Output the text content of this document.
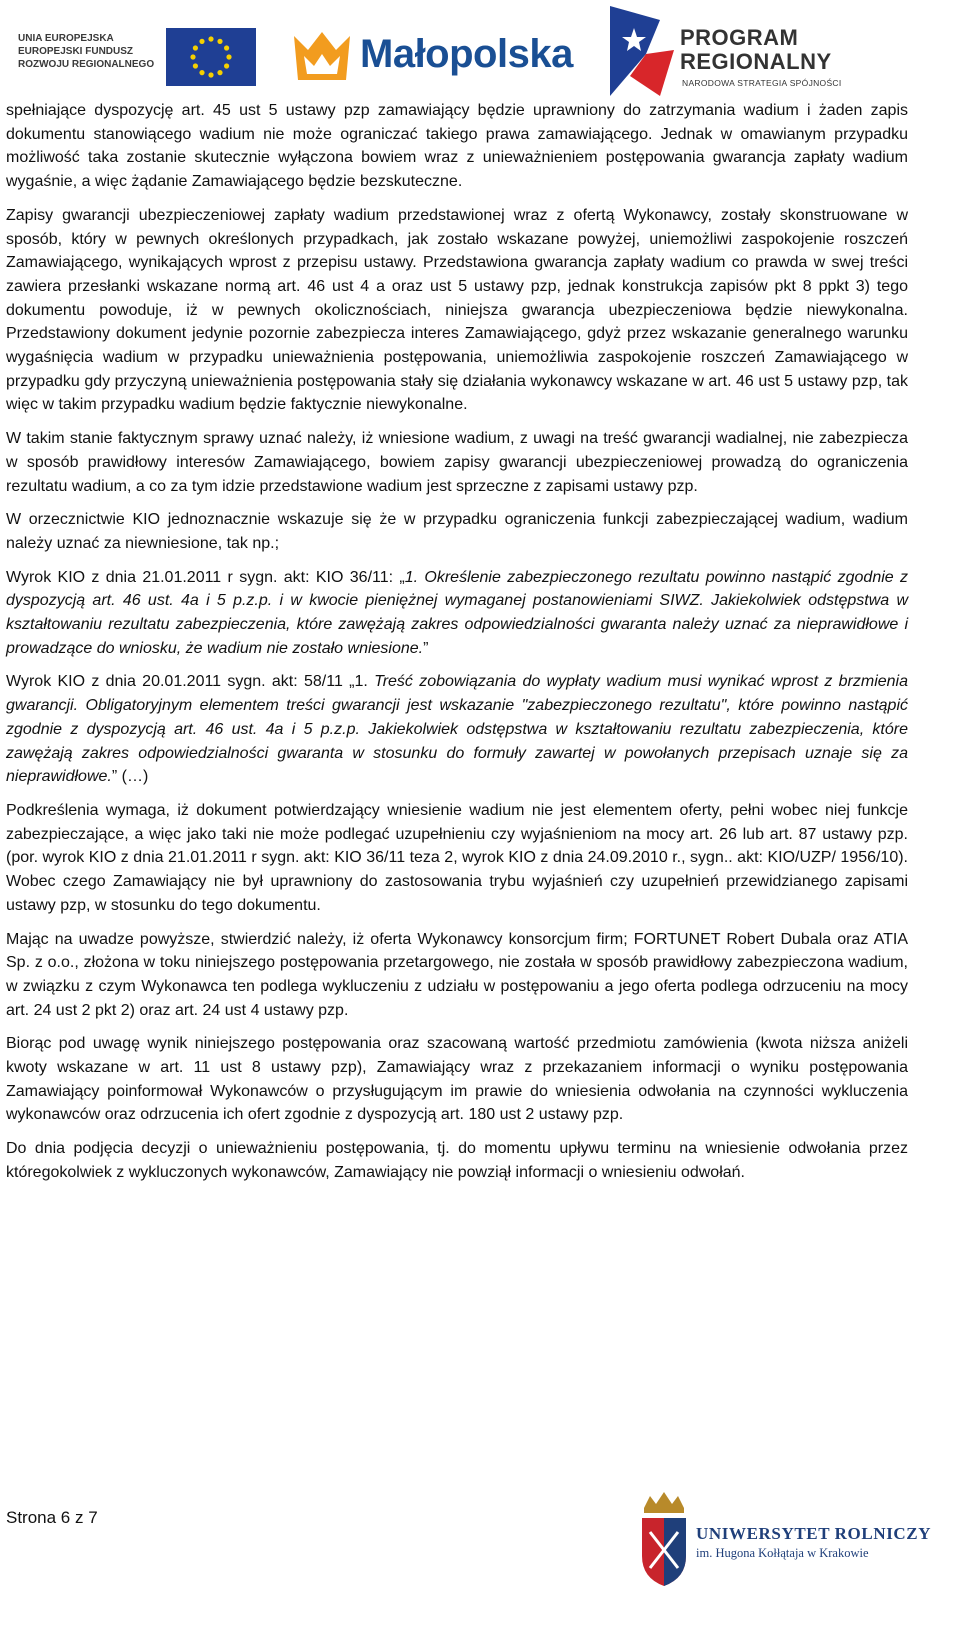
UNIA EUROPEJSKA
EUROPEJSKI FUNDUSZ
ROZWOJU REGIONALNEGO	Małopolska	PROGRAM
REGIONALNY
NARODOWA STRATEGIA SPÓJNOŚCI

spełniające dyspozycję art. 45 ust 5 ustawy pzp zamawiający będzie uprawniony do zatrzymania wadium i żaden zapis dokumentu stanowiącego wadium nie może ograniczać takiego prawa zamawiającego. Jednak w omawianym przypadku możliwość taka zostanie skutecznie wyłączona bowiem wraz z unieważnieniem postępowania gwarancja zapłaty wadium wygaśnie, a więc żądanie Zamawiającego będzie bezskuteczne.

Zapisy gwarancji ubezpieczeniowej zapłaty wadium przedstawionej wraz z ofertą Wykonawcy, zostały skonstruowane w sposób, który w pewnych określonych przypadkach, jak zostało wskazane powyżej, uniemożliwi zaspokojenie roszczeń Zamawiającego, wynikających wprost z przepisu ustawy. Przedstawiona gwarancja zapłaty wadium co prawda w swej treści zawiera przesłanki wskazane normą art. 46 ust 4 a oraz ust 5 ustawy pzp, jednak konstrukcja zapisów pkt 8 ppkt 3) tego dokumentu powoduje, iż w pewnych okolicznościach, niniejsza gwarancja ubezpieczeniowa będzie niewykonalna. Przedstawiony dokument jedynie pozornie zabezpiecza interes Zamawiającego, gdyż przez wskazanie generalnego warunku wygaśnięcia wadium w przypadku unieważnienia postępowania, uniemożliwia zaspokojenie roszczeń Zamawiającego w przypadku gdy przyczyną unieważnienia postępowania stały się działania wykonawcy wskazane w art. 46 ust 5 ustawy pzp, tak więc w takim przypadku wadium będzie faktycznie niewykonalne.

W takim stanie faktycznym sprawy uznać należy, iż wniesione wadium, z uwagi na treść gwarancji wadialnej, nie zabezpiecza w sposób prawidłowy interesów Zamawiającego, bowiem zapisy gwarancji ubezpieczeniowej prowadzą do ograniczenia rezultatu wadium, a co za tym idzie przedstawione wadium jest sprzeczne z zapisami ustawy pzp.

W orzecznictwie KIO jednoznacznie wskazuje się że w przypadku ograniczenia funkcji zabezpieczającej wadium, wadium należy uznać za niewniesione, tak np.;

Wyrok KIO z dnia 21.01.2011 r sygn. akt: KIO 36/11: „1. Określenie zabezpieczonego rezultatu powinno nastąpić zgodnie z dyspozycją art. 46 ust. 4a i 5 p.z.p. i w kwocie pieniężnej wymaganej postanowieniami SIWZ. Jakiekolwiek odstępstwa w kształtowaniu rezultatu zabezpieczenia, które zawężają zakres odpowiedzialności gwaranta należy uznać za nieprawidłowe i prowadzące do wniosku, że wadium nie zostało wniesione.”

Wyrok KIO z dnia 20.01.2011 sygn. akt: 58/11 „1. Treść zobowiązania do wypłaty wadium musi wynikać wprost z brzmienia gwarancji. Obligatoryjnym elementem treści gwarancji jest wskazanie "zabezpieczonego rezultatu", które powinno nastąpić zgodnie z dyspozycją art. 46 ust. 4a i 5 p.z.p. Jakiekolwiek odstępstwa w kształtowaniu rezultatu zabezpieczenia, które zawężają zakres odpowiedzialności gwaranta w stosunku do formuły zawartej w powołanych przepisach uznaje się za nieprawidłowe.” (…)

Podkreślenia wymaga, iż dokument potwierdzający wniesienie wadium nie jest elementem oferty, pełni wobec niej funkcje zabezpieczające, a więc jako taki nie może podlegać uzupełnieniu czy wyjaśnieniom na mocy art. 26 lub art. 87 ustawy pzp. (por. wyrok KIO z dnia 21.01.2011 r sygn. akt: KIO 36/11 teza 2, wyrok KIO z dnia 24.09.2010 r., sygn.. akt: KIO/UZP/ 1956/10). Wobec czego Zamawiający nie był uprawniony do zastosowania trybu wyjaśnień czy uzupełnień przewidzianego zapisami ustawy pzp, w stosunku do tego dokumentu.

Mając na uwadze powyższe, stwierdzić należy, iż oferta Wykonawcy konsorcjum firm; FORTUNET Robert Dubala oraz ATIA Sp. z o.o., złożona w toku niniejszego postępowania przetargowego, nie została w sposób prawidłowy zabezpieczona wadium, w związku z czym Wykonawca ten podlega wykluczeniu z udziału w postępowaniu a jego oferta podlega odrzuceniu na mocy art. 24 ust 2 pkt 2) oraz art. 24 ust 4 ustawy pzp.

Biorąc pod uwagę wynik niniejszego postępowania oraz szacowaną wartość przedmiotu zamówienia (kwota niższa aniżeli kwoty wskazane w art. 11 ust 8 ustawy pzp), Zamawiający wraz z przekazaniem informacji o wyniku postępowania Zamawiający poinformował Wykonawców o przysługującym im prawie do wniesienia odwołania na czynności wykluczenia wykonawców oraz odrzucenia ich ofert zgodnie z dyspozycją art. 180 ust 2 ustawy pzp.

Do dnia podjęcia decyzji o unieważnieniu postępowania, tj. do momentu upływu terminu na wniesienie odwołania przez któregokolwiek z wykluczonych wykonawców, Zamawiający nie powziął informacji o wniesieniu odwołań.

Strona 6 z 7
UNIWERSYTET ROLNICZY
im. Hugona Kołłątaja w Krakowie
